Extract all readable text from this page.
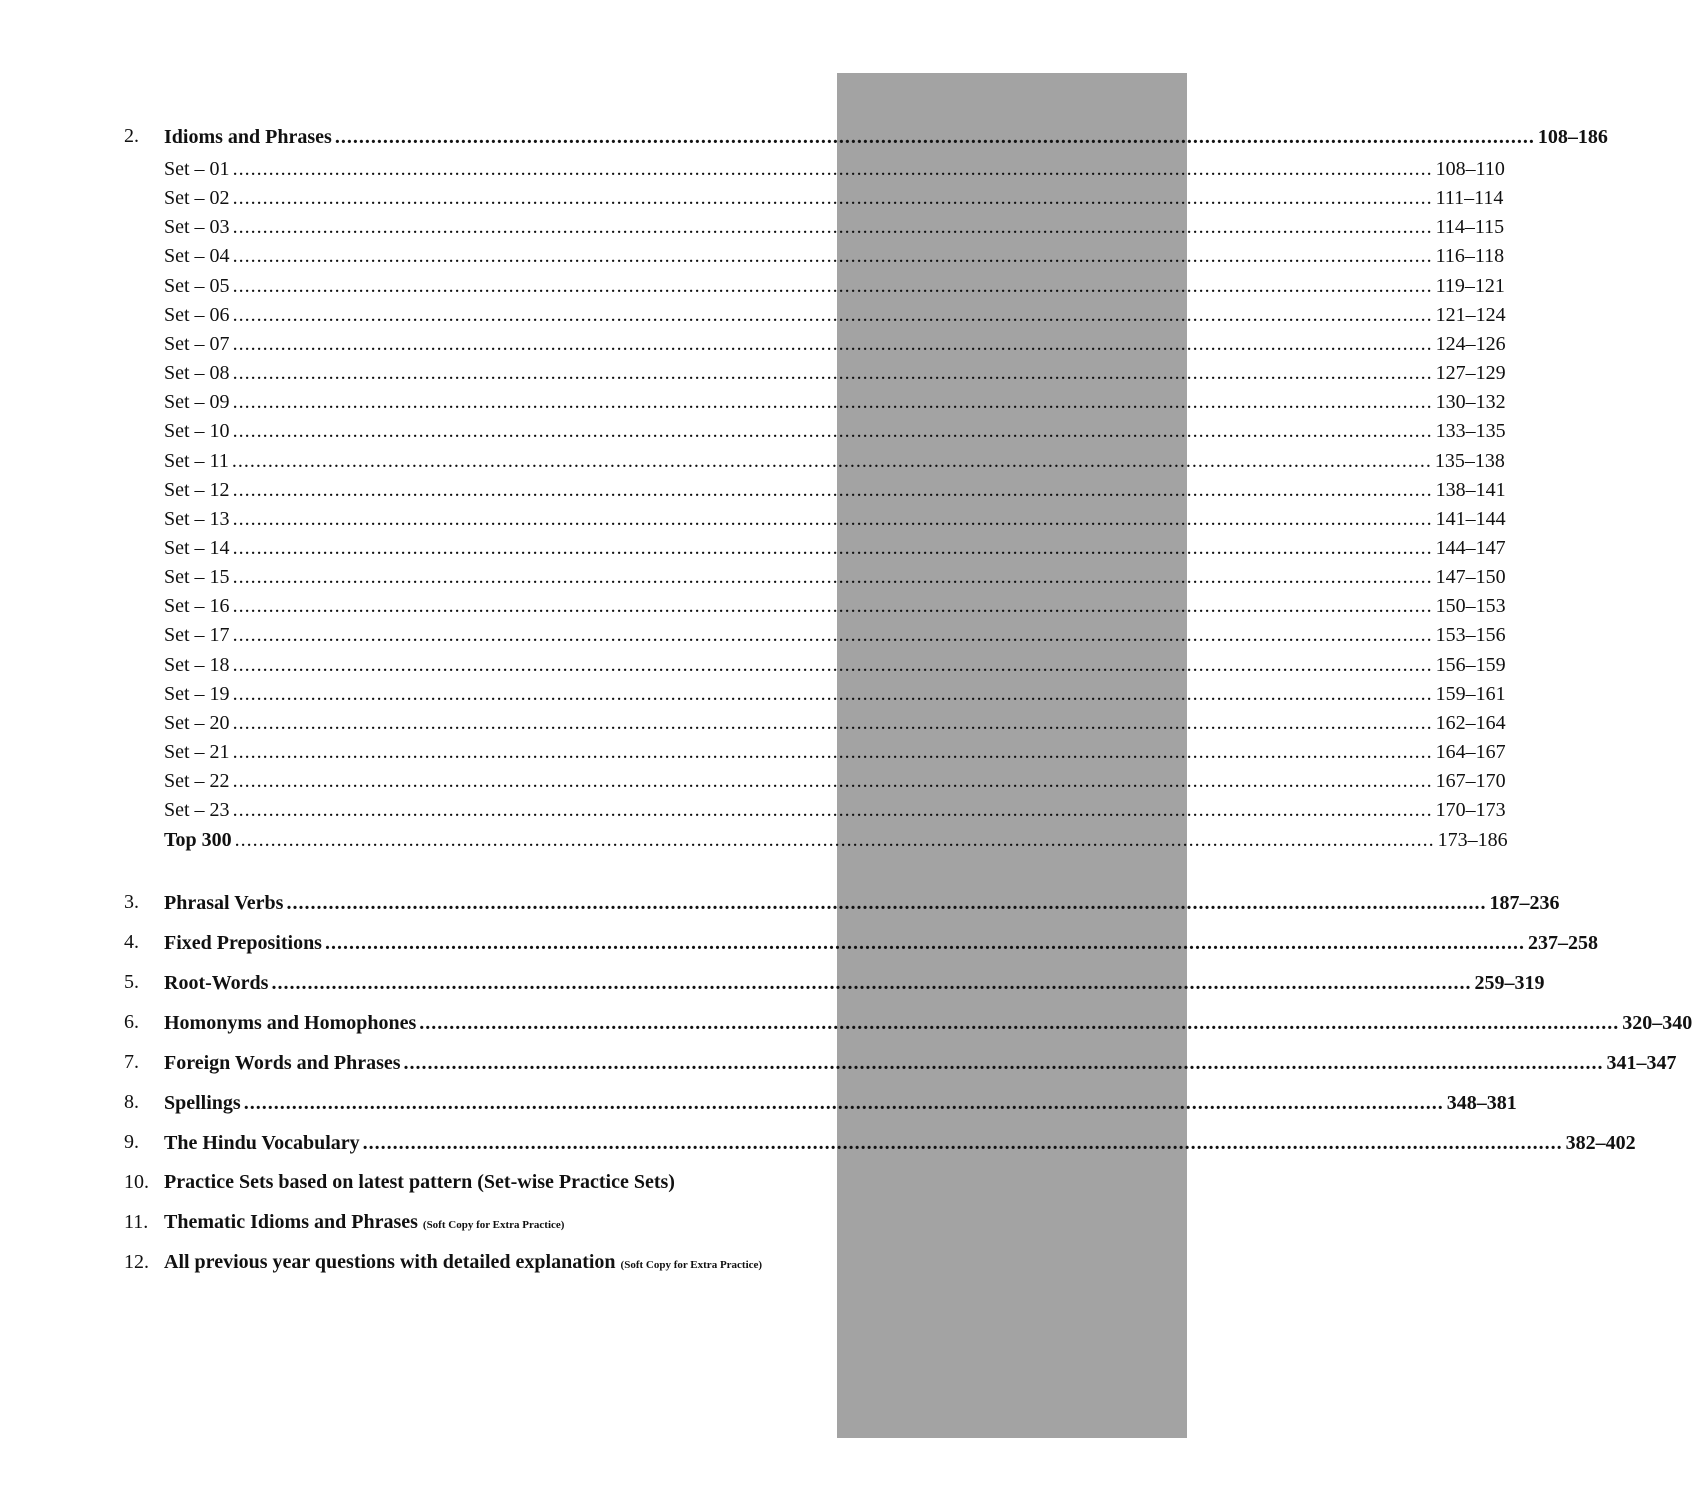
2. Idioms and Phrases ........................................................................................................................................................................................................ 108–186
Set – 01 ........................................................................................................................................................................................................ 108–110
Set – 02 ........................................................................................................................................................................................................ 111–114
Set – 03 ........................................................................................................................................................................................................ 114–115
Set – 04 ........................................................................................................................................................................................................ 116–118
Set – 05 ........................................................................................................................................................................................................ 119–121
Set – 06 ........................................................................................................................................................................................................ 121–124
Set – 07 ........................................................................................................................................................................................................ 124–126
Set – 08 ........................................................................................................................................................................................................ 127–129
Set – 09 ........................................................................................................................................................................................................ 130–132
Set – 10 ........................................................................................................................................................................................................ 133–135
Set – 11 ........................................................................................................................................................................................................ 135–138
Set – 12 ........................................................................................................................................................................................................ 138–141
Set – 13 ........................................................................................................................................................................................................ 141–144
Set – 14 ........................................................................................................................................................................................................ 144–147
Set – 15 ........................................................................................................................................................................................................ 147–150
Set – 16 ........................................................................................................................................................................................................ 150–153
Set – 17 ........................................................................................................................................................................................................ 153–156
Set – 18 ........................................................................................................................................................................................................ 156–159
Set – 19 ........................................................................................................................................................................................................ 159–161
Set – 20 ........................................................................................................................................................................................................ 162–164
Set – 21 ........................................................................................................................................................................................................ 164–167
Set – 22 ........................................................................................................................................................................................................ 167–170
Set – 23 ........................................................................................................................................................................................................ 170–173
Top 300 ........................................................................................................................................................................................................ 173–186
3. Phrasal Verbs ........................................................................................................................................................................................................ 187–236
4. Fixed Prepositions ........................................................................................................................................................................................................ 237–258
5. Root-Words ........................................................................................................................................................................................................ 259–319
6. Homonyms and Homophones ........................................................................................................................................................................................................ 320–340
7. Foreign Words and Phrases ........................................................................................................................................................................................................ 341–347
8. Spellings ........................................................................................................................................................................................................ 348–381
9. The Hindu Vocabulary ........................................................................................................................................................................................................ 382–402
10. Practice Sets based on latest pattern (Set-wise Practice Sets)
11. Thematic Idioms and Phrases (Soft Copy for Extra Practice)
12. All previous year questions with detailed explanation (Soft Copy for Extra Practice)
